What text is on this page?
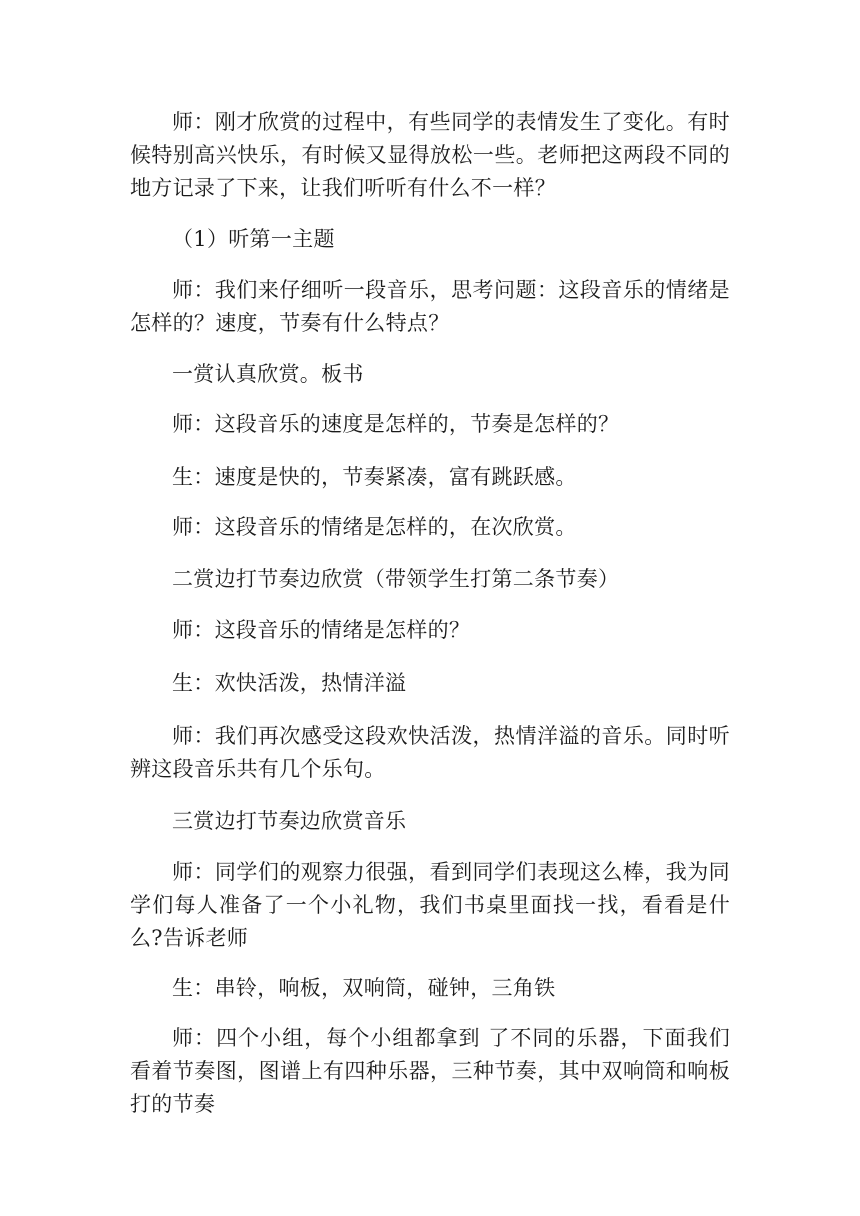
师：刚才欣赏的过程中，有些同学的表情发生了变化。有时候特别高兴快乐，有时候又显得放松一些。老师把这两段不同的地方记录了下来，让我们听听有什么不一样？

（1）听第一主题

师：我们来仔细听一段音乐，思考问题：这段音乐的情绪是怎样的？速度，节奏有什么特点？

一赏认真欣赏。板书

师：这段音乐的速度是怎样的，节奏是怎样的？

生：速度是快的，节奏紧凑，富有跳跃感。

师：这段音乐的情绪是怎样的，在次欣赏。

二赏边打节奏边欣赏（带领学生打第二条节奏）

师：这段音乐的情绪是怎样的？

生：欢快活泼，热情洋溢

师：我们再次感受这段欢快活泼，热情洋溢的音乐。同时听辨这段音乐共有几个乐句。

三赏边打节奏边欣赏音乐

师：同学们的观察力很强，看到同学们表现这么棒，我为同学们每人准备了一个小礼物，我们书桌里面找一找，看看是什么?告诉老师

生：串铃，响板，双响筒，碰钟，三角铁

师：四个小组，每个小组都拿到 了不同的乐器，下面我们看着节奏图，图谱上有四种乐器，三种节奏，其中双响筒和响板打的节奏
